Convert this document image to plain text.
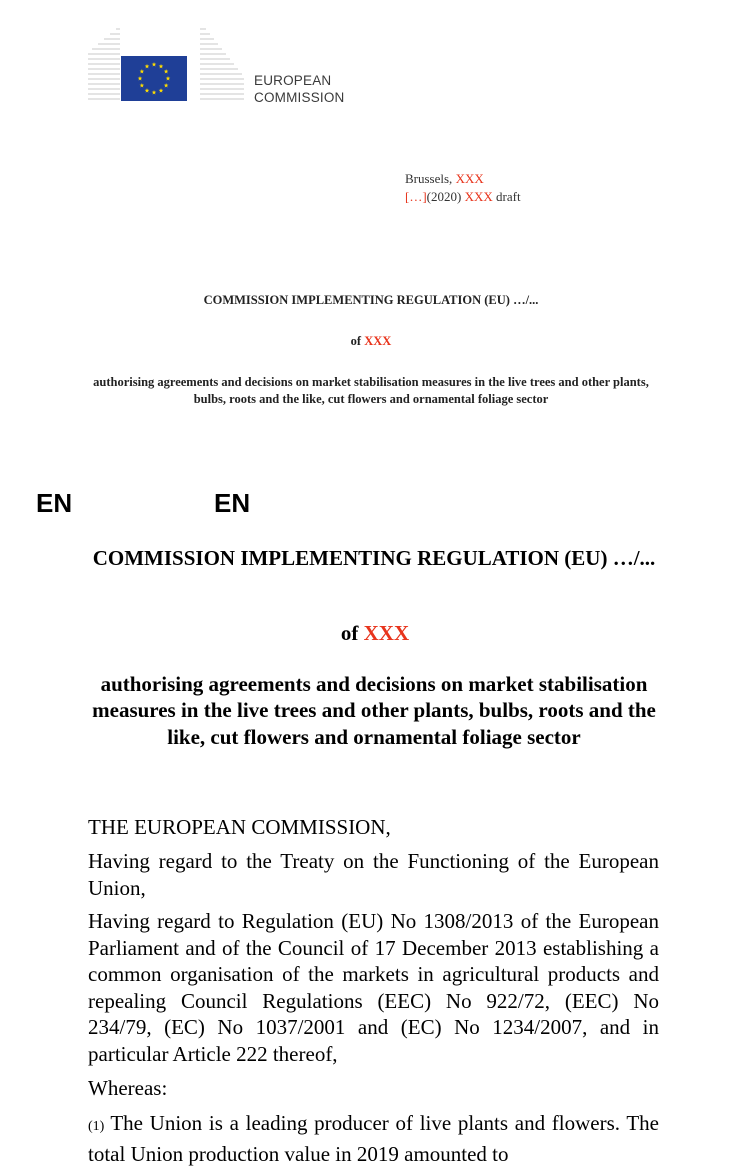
EUROPEAN
COMMISSION
Brussels, XXX
[…](2020) XXX draft
COMMISSION IMPLEMENTING REGULATION (EU) …/...
of XXX
authorising agreements and decisions on market stabilisation measures in the live trees and other plants, bulbs, roots and the like, cut flowers and ornamental foliage sector
EN	EN
COMMISSION IMPLEMENTING REGULATION (EU) …/...
of XXX
authorising agreements and decisions on market stabilisation measures in the live trees and other plants, bulbs, roots and the like, cut flowers and ornamental foliage sector
THE EUROPEAN COMMISSION,
Having regard to the Treaty on the Functioning of the European Union,
Having regard to Regulation (EU) No 1308/2013 of the European Parliament and of the Council of 17 December 2013 establishing a common organisation of the markets in agricultural products and repealing Council Regulations (EEC) No 922/72, (EEC) No 234/79, (EC) No 1037/2001 and (EC) No 1234/2007, and in particular Article 222 thereof,
Whereas:
(1) The Union is a leading producer of live plants and flowers. The total Union production value in 2019 amounted to
